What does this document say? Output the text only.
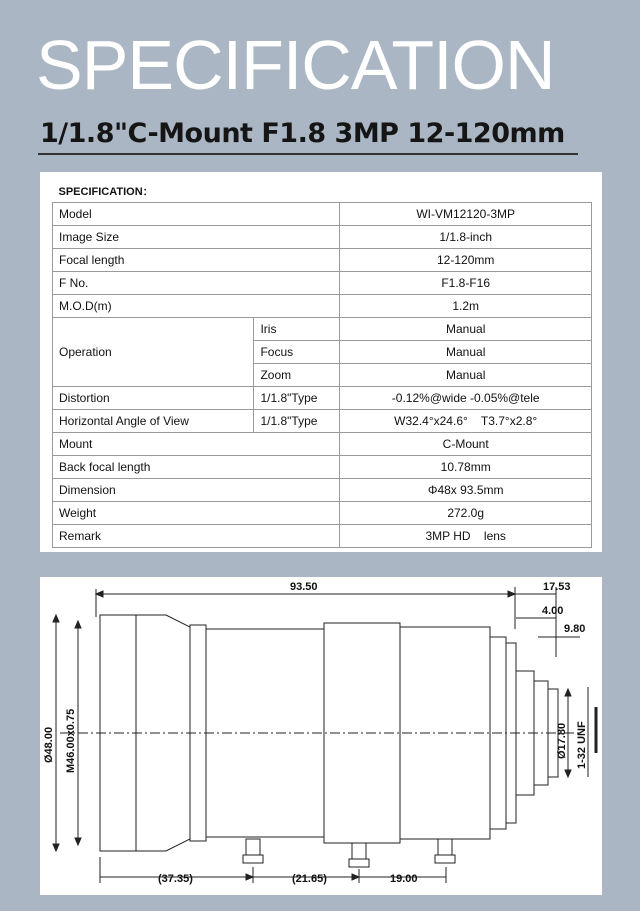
SPECIFICATION
1/1.8"C-Mount F1.8 3MP 12-120mm
SPECIFICATION：		
Model		WI-VM12120-3MP
Image Size		1/1.8-inch
Focal length		12-120mm
F No.		F1.8-F16
M.O.D(m)		1.2m
Operation	Iris	Manual
	Focus	Manual
	Zoom	Manual
Distortion	1/1.8"Type	-0.12%@wide -0.05%@tele
Horizontal Angle of View	1/1.8"Type	W32.4°x24.6°    T3.7°x2.8°
Mount		C-Mount
Back focal length		10.78mm
Dimension		Φ48x 93.5mm
Weight		272.0g
Remark		3MP HD    lens
93.50	17.53
4.00
9.80
Ø48.00 M46.00x0.75	Ø17.80 1-32 UNF
(37.35)	(21.65)	19.00
